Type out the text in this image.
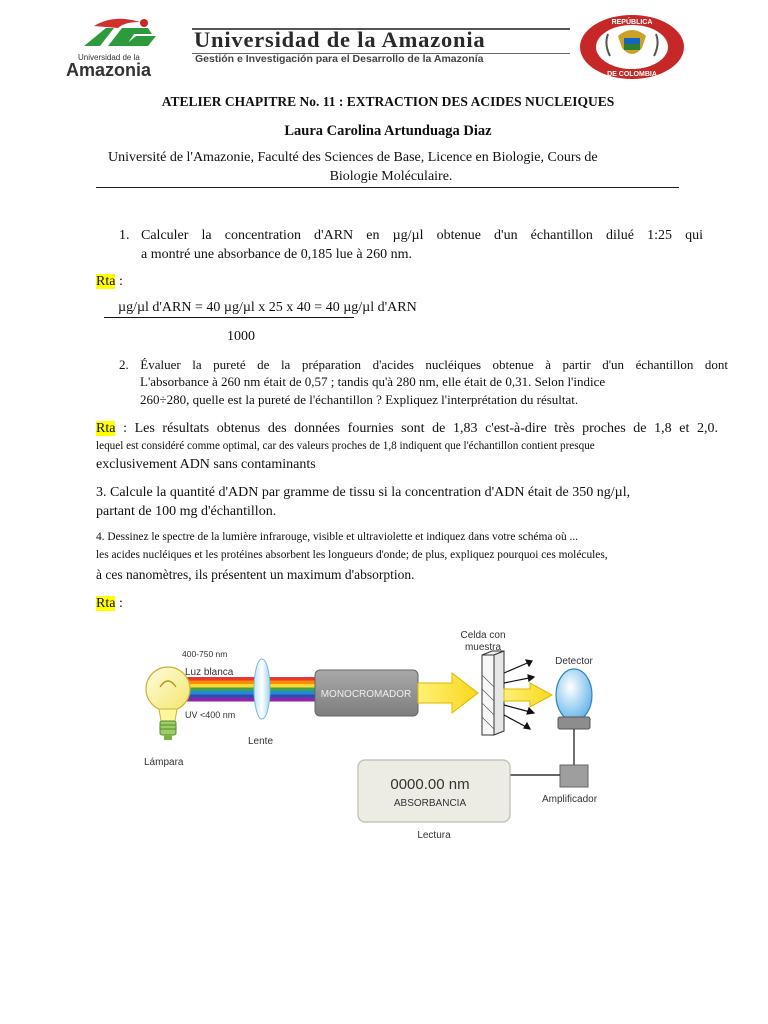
Universidad de la
Amazonia
Universidad de la Amazonia
Gestión e Investigación para el Desarrollo de la Amazonía
REPÚBLICA
DE COLOMBIA
ATELIER CHAPITRE No. 11 : EXTRACTION DES ACIDES NUCLEIQUES
Laura Carolina Artunduaga Diaz
Université de l'Amazonie, Faculté des Sciences de Base, Licence en Biologie, Cours de
Biologie Moléculaire.
1. Calculer la concentration d'ARN en µg/µl obtenue d'un échantillon dilué 1:25 qui
a montré une absorbance de 0,185 lue à 260 nm.
Rta :
µg/µl d'ARN = 40 µg/µl x 25 x 40 = 40 µg/µl d'ARN
1000
2. Évaluer la pureté de la préparation d'acides nucléiques obtenue à partir d'un échantillon dont
L'absorbance à 260 nm était de 0,57 ; tandis qu'à 280 nm, elle était de 0,31. Selon l'indice
260÷280, quelle est la pureté de l'échantillon ? Expliquez l'interprétation du résultat.
Rta : Les résultats obtenus des données fournies sont de 1,83 c'est-à-dire très proches de 1,8 et 2,0.
lequel est considéré comme optimal, car des valeurs proches de 1,8 indiquent que l'échantillon contient presque
exclusivement ADN sans contaminants
3. Calcule la quantité d'ADN par gramme de tissu si la concentration d'ADN était de 350 ng/µl,
partant de 100 mg d'échantillon.
4. Dessinez le spectre de la lumière infrarouge, visible et ultraviolette et indiquez dans votre schéma où ...
les acides nucléiques et les protéines absorbent les longueurs d'onde; de plus, expliquez pourquoi ces molécules,
à ces nanomètres, ils présentent un maximum d'absorption.
Rta :
MONOCROMADOR
0000.00 nm
ABSORBANCIA
400-750 nm
Luz blanca
UV <400 nm
Lámpara
Lente
Celda con
muestra
Detector
Amplificador
Lectura
